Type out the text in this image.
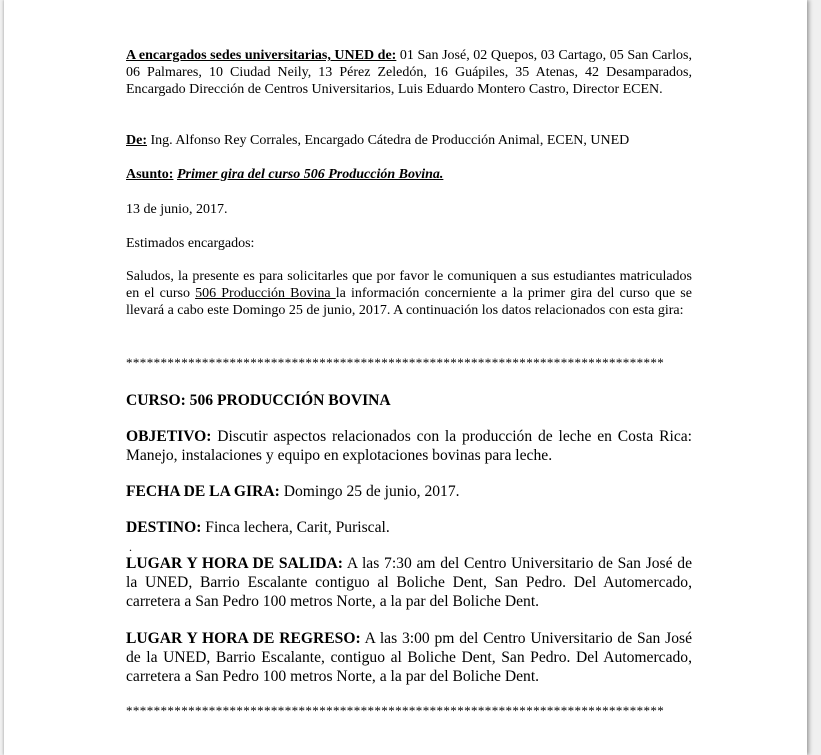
A encargados sedes universitarias, UNED de: 01 San José, 02 Quepos, 03 Cartago, 05 San Carlos, 06 Palmares, 10 Ciudad Neily, 13 Pérez Zeledón, 16 Guápiles, 35 Atenas, 42 Desamparados, Encargado Dirección de Centros Universitarios, Luis Eduardo Montero Castro, Director ECEN.

De: Ing. Alfonso Rey Corrales, Encargado Cátedra de Producción Animal, ECEN, UNED

Asunto: Primer gira del curso 506 Producción Bovina.

13 de junio, 2017.

Estimados encargados:

Saludos, la presente es para solicitarles que por favor le comuniquen a sus estudiantes matriculados en el curso 506 Producción Bovina la información concerniente a la primer gira del curso que se llevará a cabo este Domingo 25 de junio, 2017. A continuación los datos relacionados con esta gira:

******************************************************************************

CURSO: 506 PRODUCCIÓN BOVINA

OBJETIVO: Discutir aspectos relacionados con la producción de leche en Costa Rica: Manejo, instalaciones y equipo en explotaciones bovinas para leche.

FECHA DE LA GIRA: Domingo 25 de junio, 2017.

DESTINO: Finca lechera, Carit, Puriscal.

.

LUGAR Y HORA DE SALIDA: A las 7:30 am del Centro Universitario de San José de la UNED, Barrio Escalante contiguo al Boliche Dent, San Pedro. Del Automercado, carretera a San Pedro 100 metros Norte, a la par del Boliche Dent.

LUGAR Y HORA DE REGRESO: A las 3:00 pm del Centro Universitario de San José de la UNED, Barrio Escalante, contiguo al Boliche Dent, San Pedro. Del Automercado, carretera a San Pedro 100 metros Norte, a la par del Boliche Dent.

******************************************************************************
